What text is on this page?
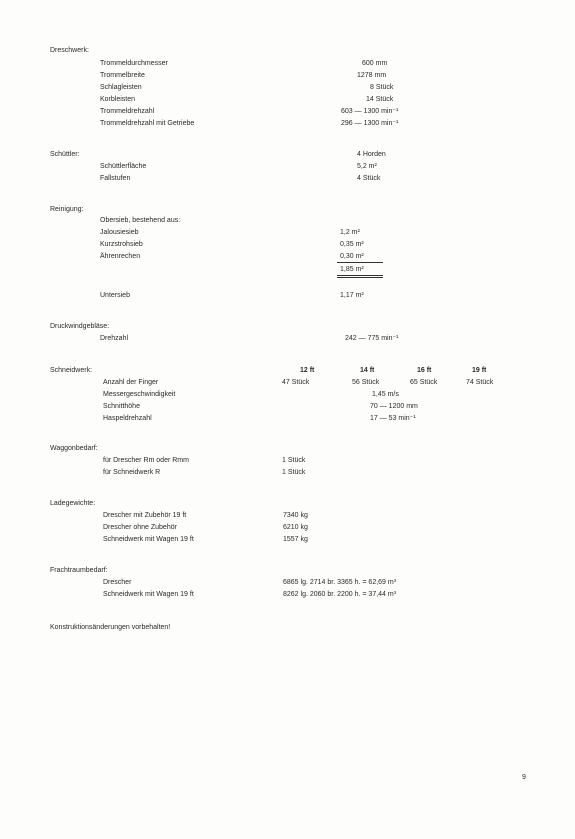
Dreschwerk:
Trommeldurchmesser	600 mm
Trommelbreite	1278 mm
Schlagleisten	8 Stück
Korbleisten	14 Stück
Trommeldrehzahl	603 — 1300 min⁻¹
Trommeldrehzahl mit Getriebe	296 — 1300 min⁻¹
Schüttler:	4 Horden
Schüttlerfläche	5,2 m²
Fallstufen	4 Stück
Reinigung:
Obersieb, bestehend aus:
Jalousiesieb	1,2 m²
Kurzstrohsieb	0,35 m²
Ährenrechen	0,30 m²
1,85 m²
Untersieb	1,17 m²
Druckwindgebläse:
Drehzahl	242 — 775 min⁻¹
Schneidwerk:	12 ft	14 ft	16 ft	19 ft
Anzahl der Finger	47 Stück	56 Stück	65 Stück	74 Stück
Messergeschwindigkeit	1,45 m/s
Schnitthöhe	70 — 1200 mm
Haspeldrehzahl	17 — 53 min⁻¹
Waggonbedarf:
für Drescher Rm oder Rmm	1 Stück
für Schneidwerk R	1 Stück
Ladegewichte:
Drescher mit Zubehör 19 ft	7340 kg
Drescher ohne Zubehör	6210 kg
Schneidwerk mit Wagen 19 ft	1557 kg
Frachtraumbedarf:
Drescher	6865 lg. 2714 br. 3365 h. = 62,69 m³
Schneidwerk mit Wagen 19 ft	8262 lg. 2060 br. 2200 h. = 37,44 m³
Konstruktionsänderungen vorbehalten!
9
